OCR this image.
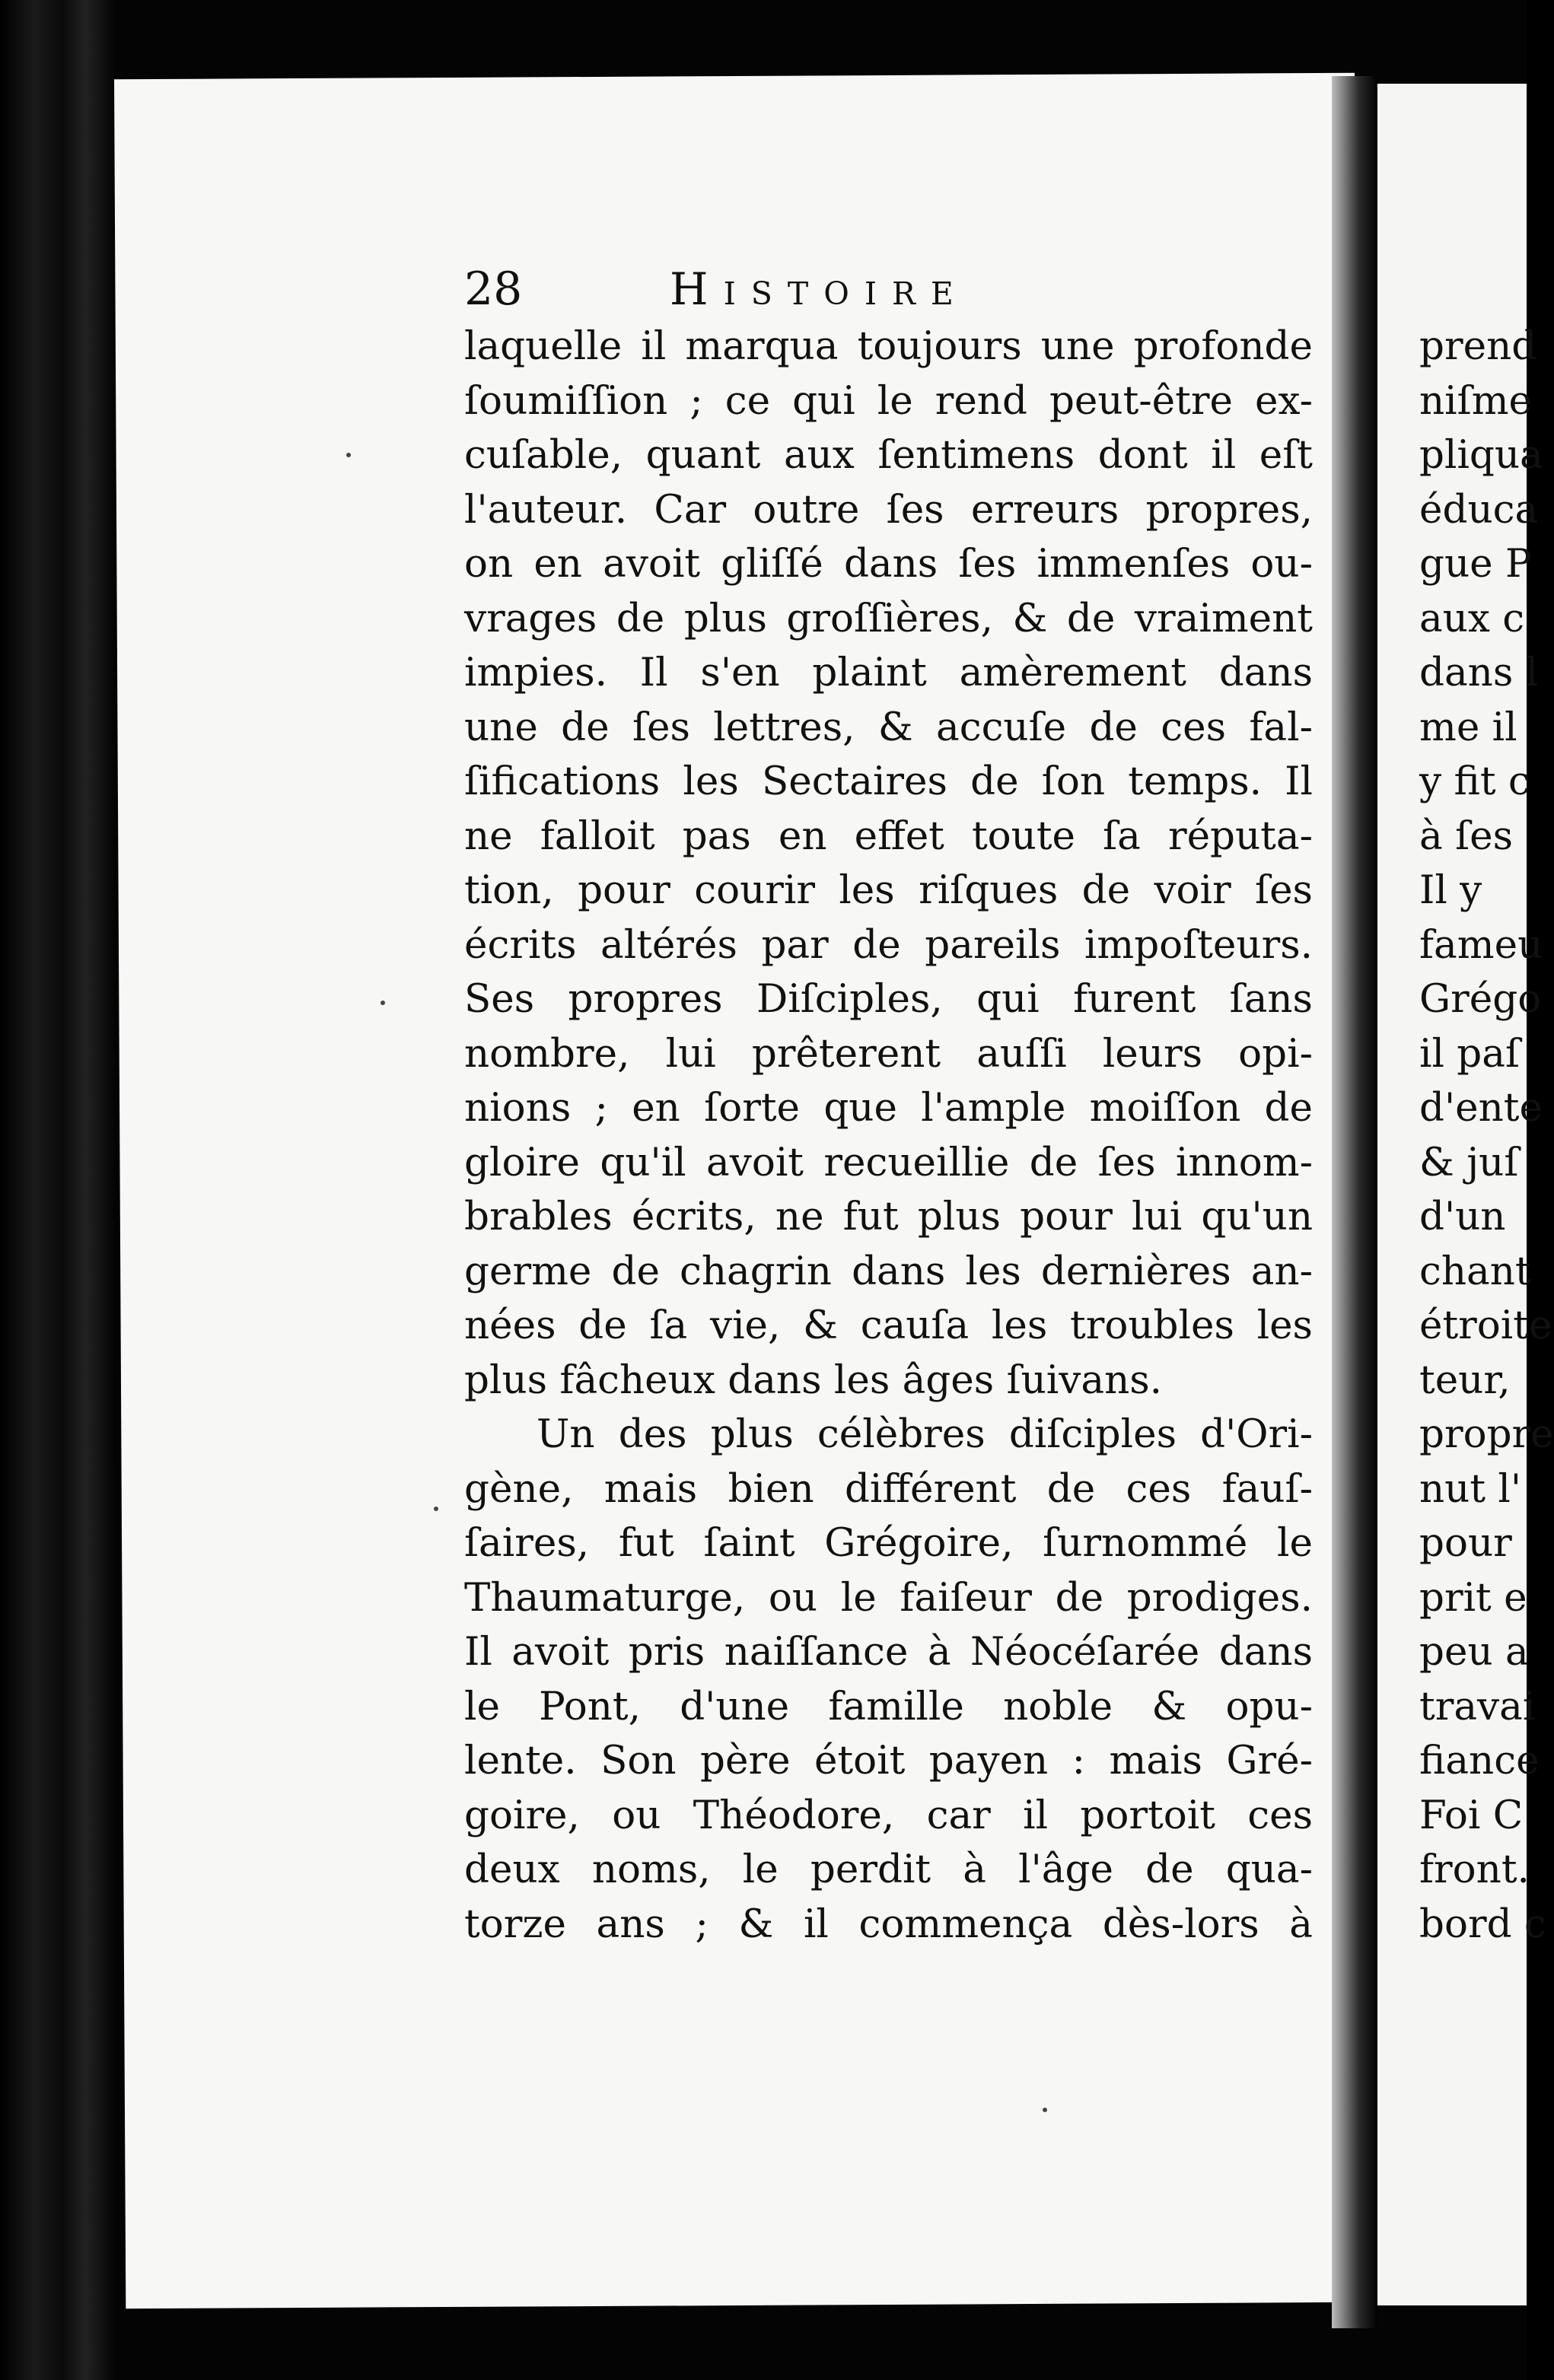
prend
niſme
pliqua
éduca
gue P
aux c
dans l
me il
y fit c
à ſes
Il y
fameu
Grégo
il paſ
d'ente
& juſ
d'un
chant
étroite
teur,
propre
nut l'
pour
prit e
peu a
travai
fiance
Foi C
front.
bord c
28	Histoire
laquelle il marqua toujours une profonde
ſoumiſſion ; ce qui le rend peut-être ex-
cuſable, quant aux ſentimens dont il eſt
l'auteur. Car outre ſes erreurs propres,
on en avoit gliſſé dans ſes immenſes ou-
vrages de plus groſſières, & de vraiment
impies. Il s'en plaint amèrement dans
une de ſes lettres, & accuſe de ces fal-
ſifications les Sectaires de ſon temps. Il
ne falloit pas en effet toute ſa réputa-
tion, pour courir les riſques de voir ſes
écrits altérés par de pareils impoſteurs.
Ses propres Diſciples, qui furent ſans
nombre, lui prêterent auſſi leurs opi-
nions ; en ſorte que l'ample moiſſon de
gloire qu'il avoit recueillie de ſes innom-
brables écrits, ne fut plus pour lui qu'un
germe de chagrin dans les dernières an-
nées de ſa vie, & cauſa les troubles les
plus fâcheux dans les âges ſuivans.
Un des plus célèbres diſciples d'Ori-
gène, mais bien différent de ces fauſ-
ſaires, fut ſaint Grégoire, ſurnommé le
Thaumaturge, ou le faiſeur de prodiges.
Il avoit pris naiſſance à Néocéſarée dans
le Pont, d'une famille noble & opu-
lente. Son père étoit payen : mais Gré-
goire, ou Théodore, car il portoit ces
deux noms, le perdit à l'âge de qua-
torze ans ; & il commença dès-lors à
